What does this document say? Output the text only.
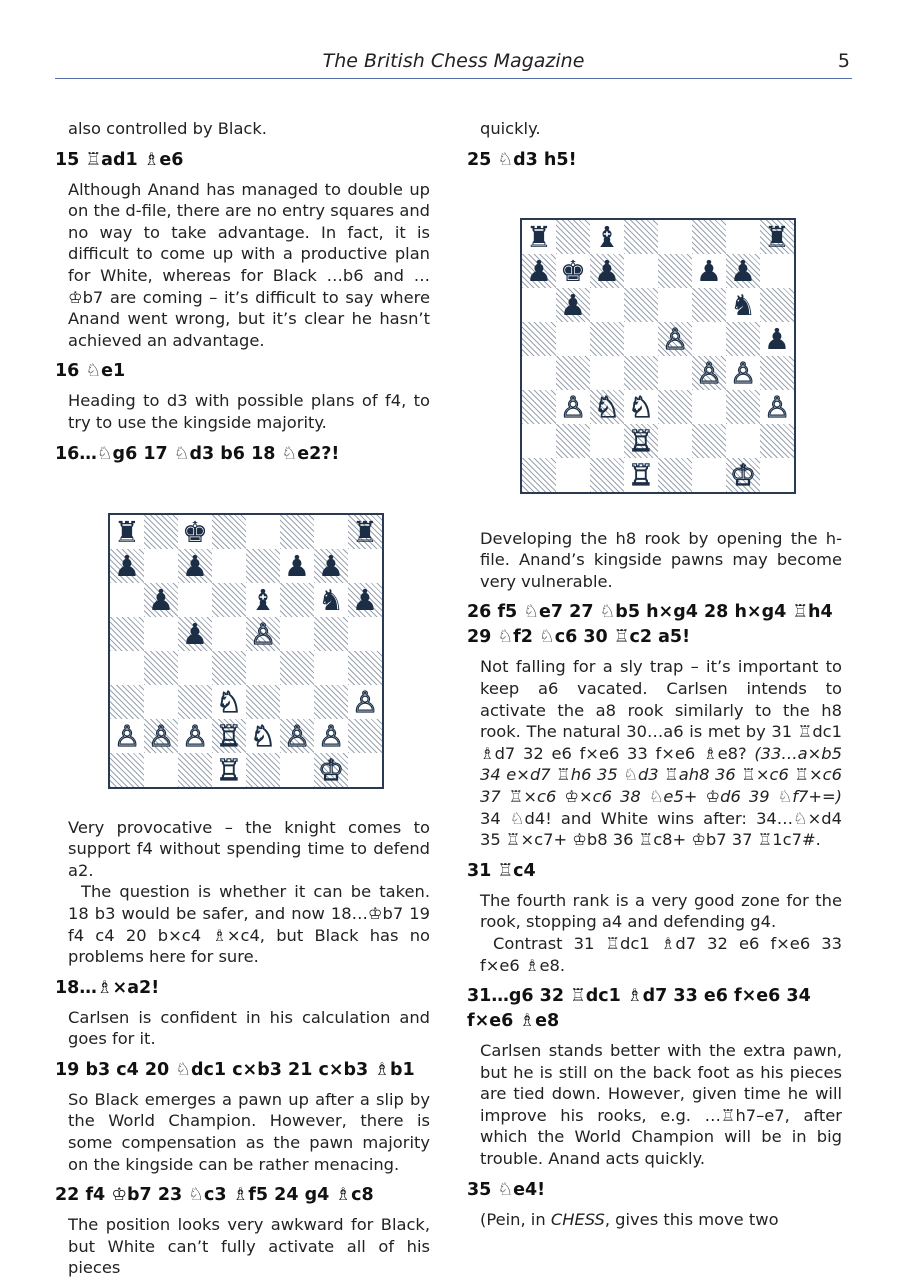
The British Chess Magazine	5
also controlled by Black.
15 ♖ad1 ♗e6
Although Anand has managed to double up on the d-file, there are no entry squares and no way to take advantage. In fact, it is difficult to come up with a productive plan for White, whereas for Black …b6 and …♔b7 are coming – it’s difficult to say where Anand went wrong, but it’s clear he hasn’t achieved an advantage.
16 ♘e1
Heading to d3 with possible plans of f4, to try to use the kingside majority.
16…♘g6 17 ♘d3 b6 18 ♘e2?!
♜ ♚	♜
♟ ♟	♟ ♟
♟	♝ ♞ ♟
♟ ♙
♘	♙
♙ ♙ ♙ ♖ ♘ ♙ ♙
♖	♔
Very provocative – the knight comes to support f4 without spending time to defend a2.
The question is whether it can be taken. 18 b3 would be safer, and now 18…♔b7 19 f4 c4 20 b×c4 ♗×c4, but Black has no problems here for sure.
18…♗×a2!
Carlsen is confident in his calculation and goes for it.
19 b3 c4 20 ♘dc1 c×b3 21 c×b3 ♗b1
So Black emerges a pawn up after a slip by the World Champion. However, there is some compensation as the pawn majority on the kingside can be rather menacing.
22 f4 ♔b7 23 ♘c3 ♗f5 24 g4 ♗c8
The position looks very awkward for Black, but White can’t fully activate all of his pieces
quickly.
25 ♘d3 h5!
♜ ♝	♜
♟ ♚ ♟	♟ ♟
♟	♞
♙	♟
♙ ♙
♙ ♘ ♘	♙
♖
♖	♔
Developing the h8 rook by opening the h-file. Anand’s kingside pawns may become very vulnerable.
26 f5 ♘e7 27 ♘b5 h×g4 28 h×g4 ♖h4 29 ♘f2 ♘c6 30 ♖c2 a5!
Not falling for a sly trap – it’s important to keep a6 vacated. Carlsen intends to activate the a8 rook similarly to the h8 rook. The natural 30…a6 is met by 31 ♖dc1 ♗d7 32 e6 f×e6 33 f×e6 ♗e8? (33…a×b5 34 e×d7 ♖h6 35 ♘d3 ♖ah8 36 ♖×c6 ♖×c6 37 ♖×c6 ♔×c6 38 ♘e5+ ♔d6 39 ♘f7+=) 34 ♘d4! and White wins after: 34…♘×d4 35 ♖×c7+ ♔b8 36 ♖c8+ ♔b7 37 ♖1c7#.
31 ♖c4
The fourth rank is a very good zone for the rook, stopping a4 and defending g4.
Contrast 31 ♖dc1 ♗d7 32 e6 f×e6 33 f×e6 ♗e8.
31…g6 32 ♖dc1 ♗d7 33 e6 f×e6 34 f×e6 ♗e8
Carlsen stands better with the extra pawn, but he is still on the back foot as his pieces are tied down. However, given time he will improve his rooks, e.g. …♖h7–e7, after which the World Champion will be in big trouble. Anand acts quickly.
35 ♘e4!
(Pein, in CHESS, gives this move two
